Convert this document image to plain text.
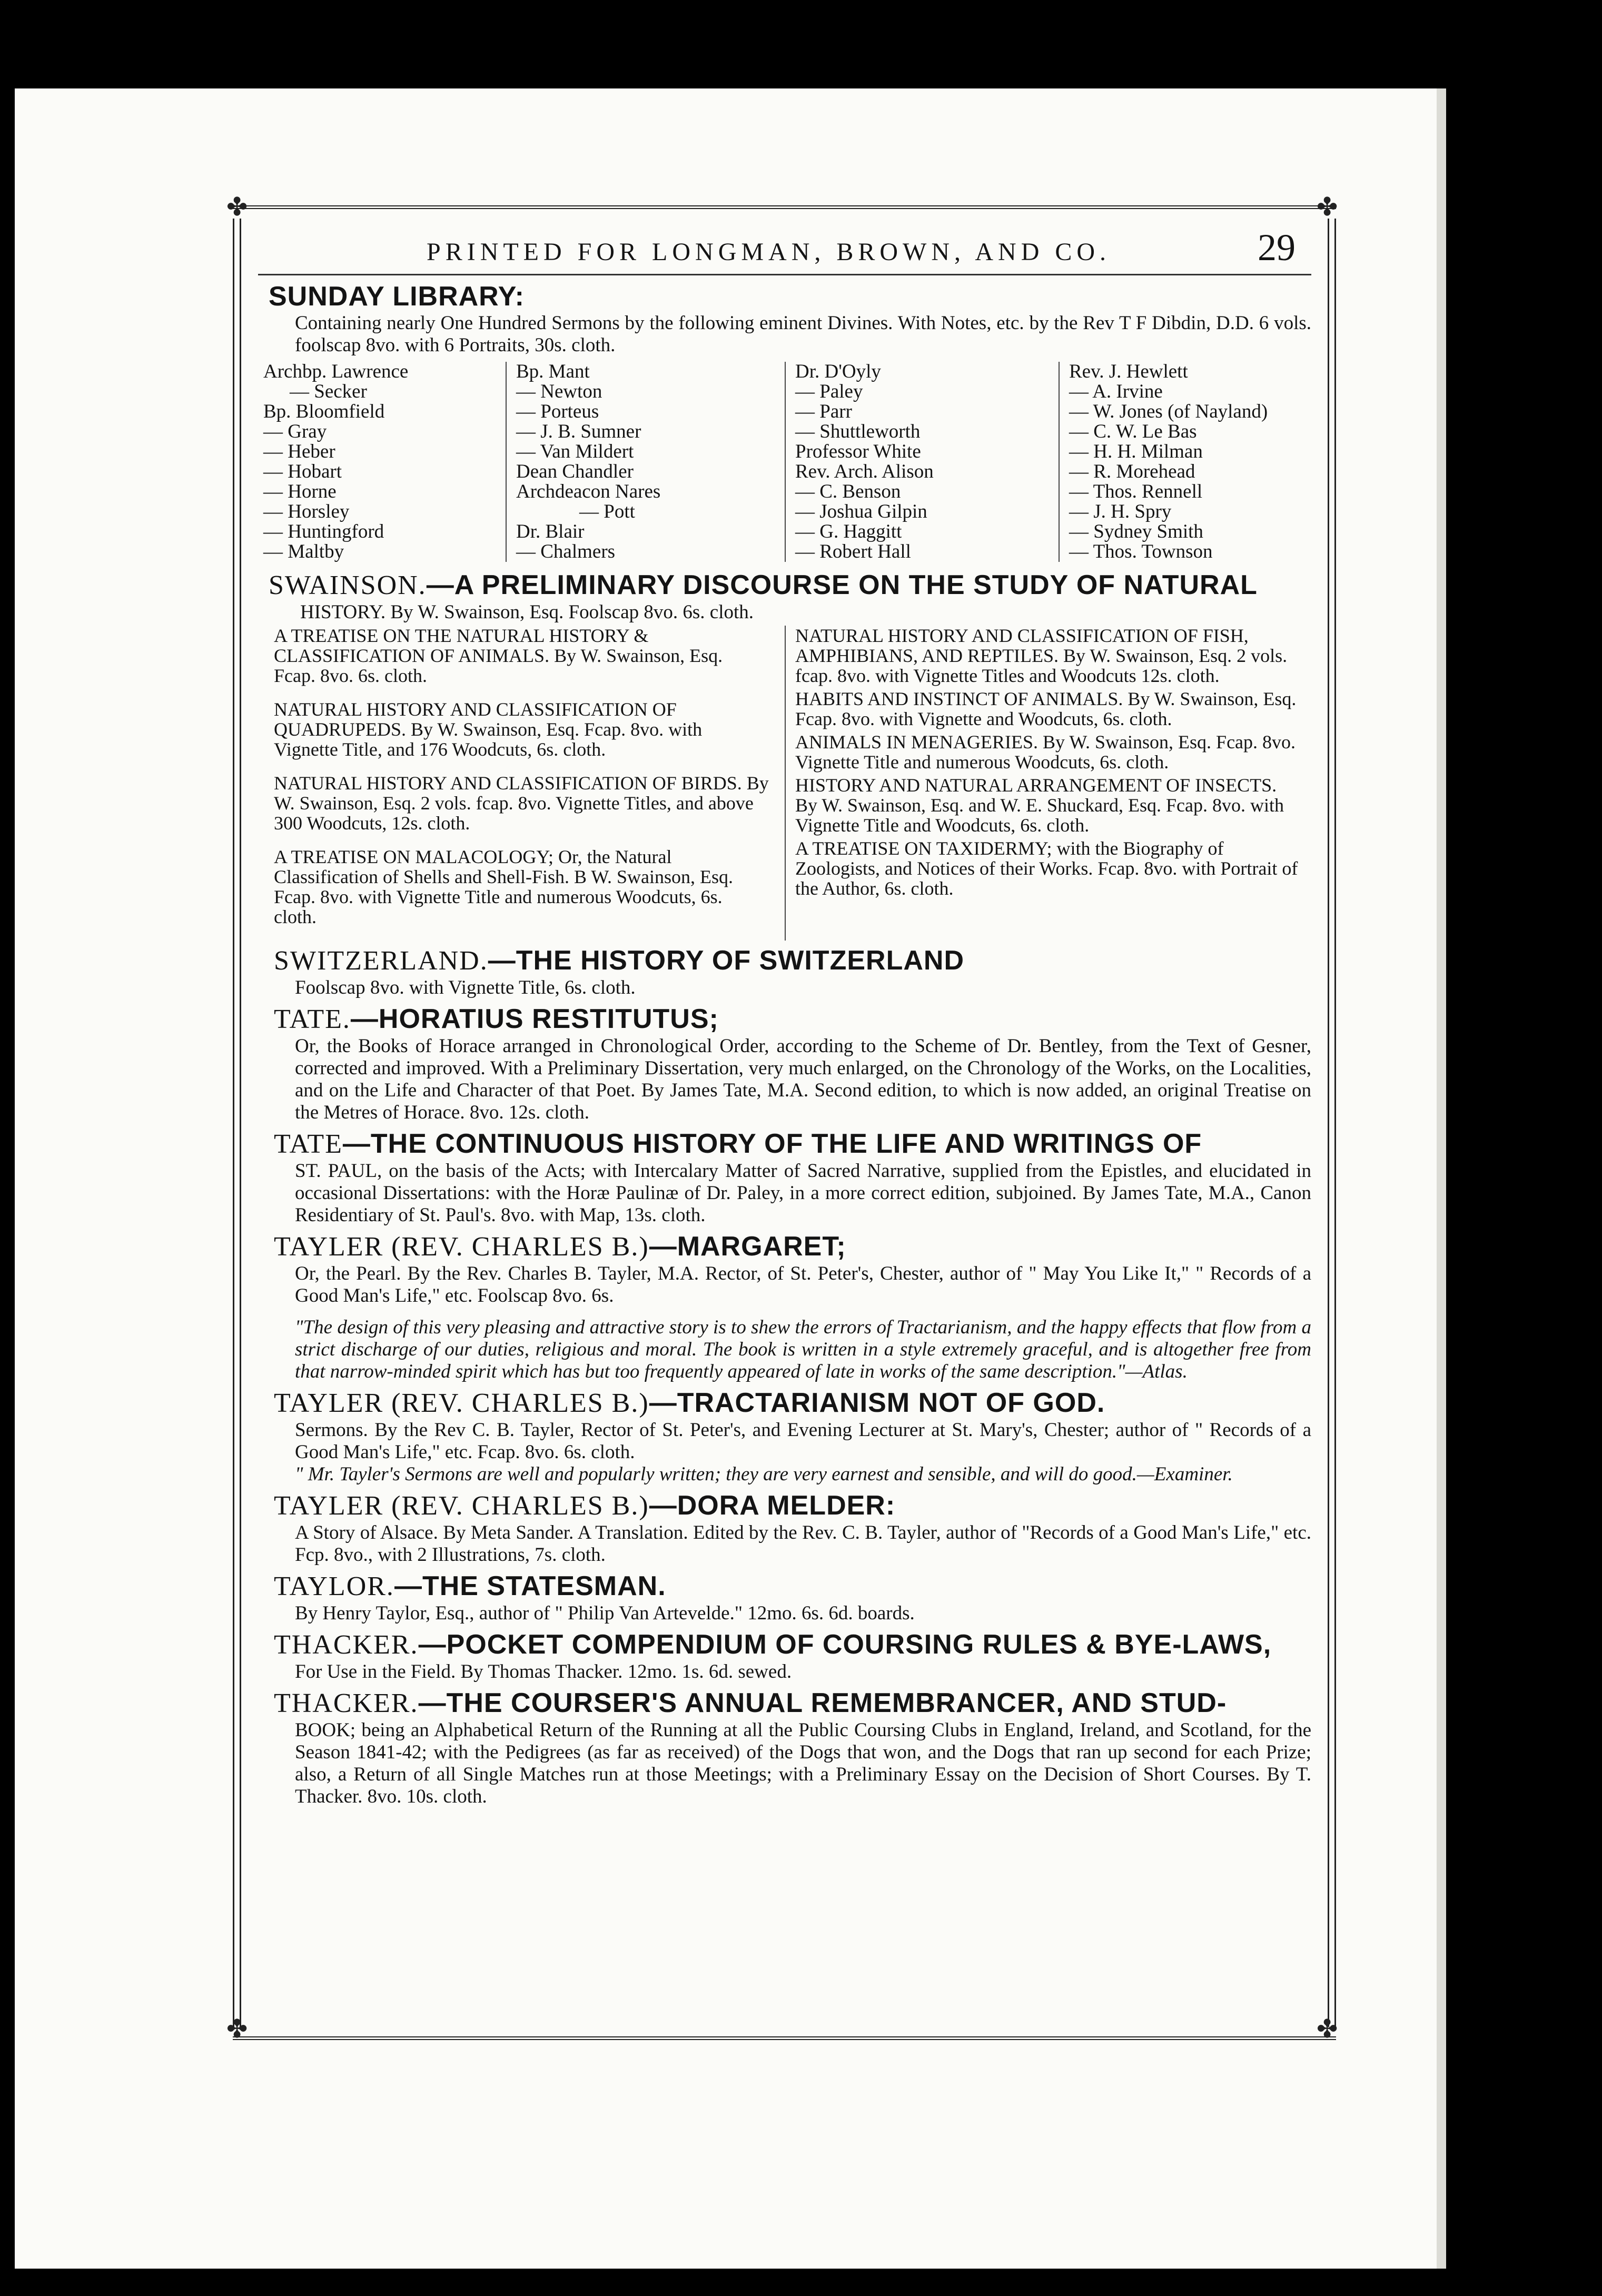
✤	✤
✤	✤
PRINTED FOR LONGMAN, BROWN, AND CO.	29
SUNDAY LIBRARY:
Containing nearly One Hundred Sermons by the following eminent Divines. With Notes, etc. by the Rev T F Dibdin, D.D. 6 vols. foolscap 8vo. with 6 Portraits, 30s. cloth.
Archbp. Lawrence
— Secker
Bp. Bloomfield
— Gray
— Heber
— Hobart
— Horne
— Horsley
— Huntingford
— Maltby
Bp. Mant
— Newton
— Porteus
— J. B. Sumner
— Van Mildert
Dean Chandler
Archdeacon Nares
— Pott
Dr. Blair
— Chalmers
Dr. D'Oyly
— Paley
— Parr
— Shuttleworth
Professor White
Rev. Arch. Alison
— C. Benson
— Joshua Gilpin
— G. Haggitt
— Robert Hall
Rev. J. Hewlett
— A. Irvine
— W. Jones (of Nayland)
— C. W. Le Bas
— H. H. Milman
— R. Morehead
— Thos. Rennell
— J. H. Spry
— Sydney Smith
— Thos. Townson
SWAINSON.—A PRELIMINARY DISCOURSE ON THE STUDY OF NATURAL
HISTORY. By W. Swainson, Esq. Foolscap 8vo. 6s. cloth.
A TREATISE ON THE NATURAL HISTORY & CLASSIFICATION OF ANIMALS. By W. Swainson, Esq. Fcap. 8vo. 6s. cloth.
NATURAL HISTORY AND CLASSIFICATION OF QUADRUPEDS. By W. Swainson, Esq. Fcap. 8vo. with Vignette Title, and 176 Woodcuts, 6s. cloth.
NATURAL HISTORY AND CLASSIFICATION OF BIRDS. By W. Swainson, Esq. 2 vols. fcap. 8vo. Vignette Titles, and above 300 Woodcuts, 12s. cloth.
A TREATISE ON MALACOLOGY; Or, the Natural Classification of Shells and Shell-Fish. B W. Swainson, Esq. Fcap. 8vo. with Vignette Title and numerous Woodcuts, 6s. cloth.
NATURAL HISTORY AND CLASSIFICATION OF FISH, AMPHIBIANS, AND REPTILES. By W. Swainson, Esq. 2 vols. fcap. 8vo. with Vignette Titles and Woodcuts 12s. cloth.
HABITS AND INSTINCT OF ANIMALS. By W. Swainson, Esq. Fcap. 8vo. with Vignette and Woodcuts, 6s. cloth.
ANIMALS IN MENAGERIES. By W. Swainson, Esq. Fcap. 8vo. Vignette Title and numerous Woodcuts, 6s. cloth.
HISTORY AND NATURAL ARRANGEMENT OF INSECTS. By W. Swainson, Esq. and W. E. Shuckard, Esq. Fcap. 8vo. with Vignette Title and Woodcuts, 6s. cloth.
A TREATISE ON TAXIDERMY; with the Biography of Zoologists, and Notices of their Works. Fcap. 8vo. with Portrait of the Author, 6s. cloth.
SWITZERLAND.—THE HISTORY OF SWITZERLAND
Foolscap 8vo. with Vignette Title, 6s. cloth.
TATE.—HORATIUS RESTITUTUS;
Or, the Books of Horace arranged in Chronological Order, according to the Scheme of Dr. Bentley, from the Text of Gesner, corrected and improved. With a Preliminary Dissertation, very much enlarged, on the Chronology of the Works, on the Localities, and on the Life and Character of that Poet. By James Tate, M.A. Second edition, to which is now added, an original Treatise on the Metres of Horace. 8vo. 12s. cloth.
TATE—THE CONTINUOUS HISTORY OF THE LIFE AND WRITINGS OF
ST. PAUL, on the basis of the Acts; with Intercalary Matter of Sacred Narrative, supplied from the Epistles, and elucidated in occasional Dissertations: with the Horæ Paulinæ of Dr. Paley, in a more correct edition, subjoined. By James Tate, M.A., Canon Residentiary of St. Paul's. 8vo. with Map, 13s. cloth.
TAYLER (REV. CHARLES B.)—MARGARET;
Or, the Pearl. By the Rev. Charles B. Tayler, M.A. Rector, of St. Peter's, Chester, author of " May You Like It," " Records of a Good Man's Life," etc. Foolscap 8vo. 6s.
"The design of this very pleasing and attractive story is to shew the errors of Tractarianism, and the happy effects that flow from a strict discharge of our duties, religious and moral. The book is written in a style extremely graceful, and is altogether free from that narrow-minded spirit which has but too frequently appeared of late in works of the same description."—Atlas.
TAYLER (REV. CHARLES B.)—TRACTARIANISM NOT OF GOD.
Sermons. By the Rev C. B. Tayler, Rector of St. Peter's, and Evening Lecturer at St. Mary's, Chester; author of " Records of a Good Man's Life," etc. Fcap. 8vo. 6s. cloth.
" Mr. Tayler's Sermons are well and popularly written; they are very earnest and sensible, and will do good.—Examiner.
TAYLER (REV. CHARLES B.)—DORA MELDER:
A Story of Alsace. By Meta Sander. A Translation. Edited by the Rev. C. B. Tayler, author of "Records of a Good Man's Life," etc. Fcp. 8vo., with 2 Illustrations, 7s. cloth.
TAYLOR.—THE STATESMAN.
By Henry Taylor, Esq., author of " Philip Van Artevelde." 12mo. 6s. 6d. boards.
THACKER.—POCKET COMPENDIUM OF COURSING RULES & BYE-LAWS,
For Use in the Field. By Thomas Thacker. 12mo. 1s. 6d. sewed.
THACKER.—THE COURSER'S ANNUAL REMEMBRANCER, AND STUD-
BOOK; being an Alphabetical Return of the Running at all the Public Coursing Clubs in England, Ireland, and Scotland, for the Season 1841-42; with the Pedigrees (as far as received) of the Dogs that won, and the Dogs that ran up second for each Prize; also, a Return of all Single Matches run at those Meetings; with a Preliminary Essay on the Decision of Short Courses. By T. Thacker. 8vo. 10s. cloth.
